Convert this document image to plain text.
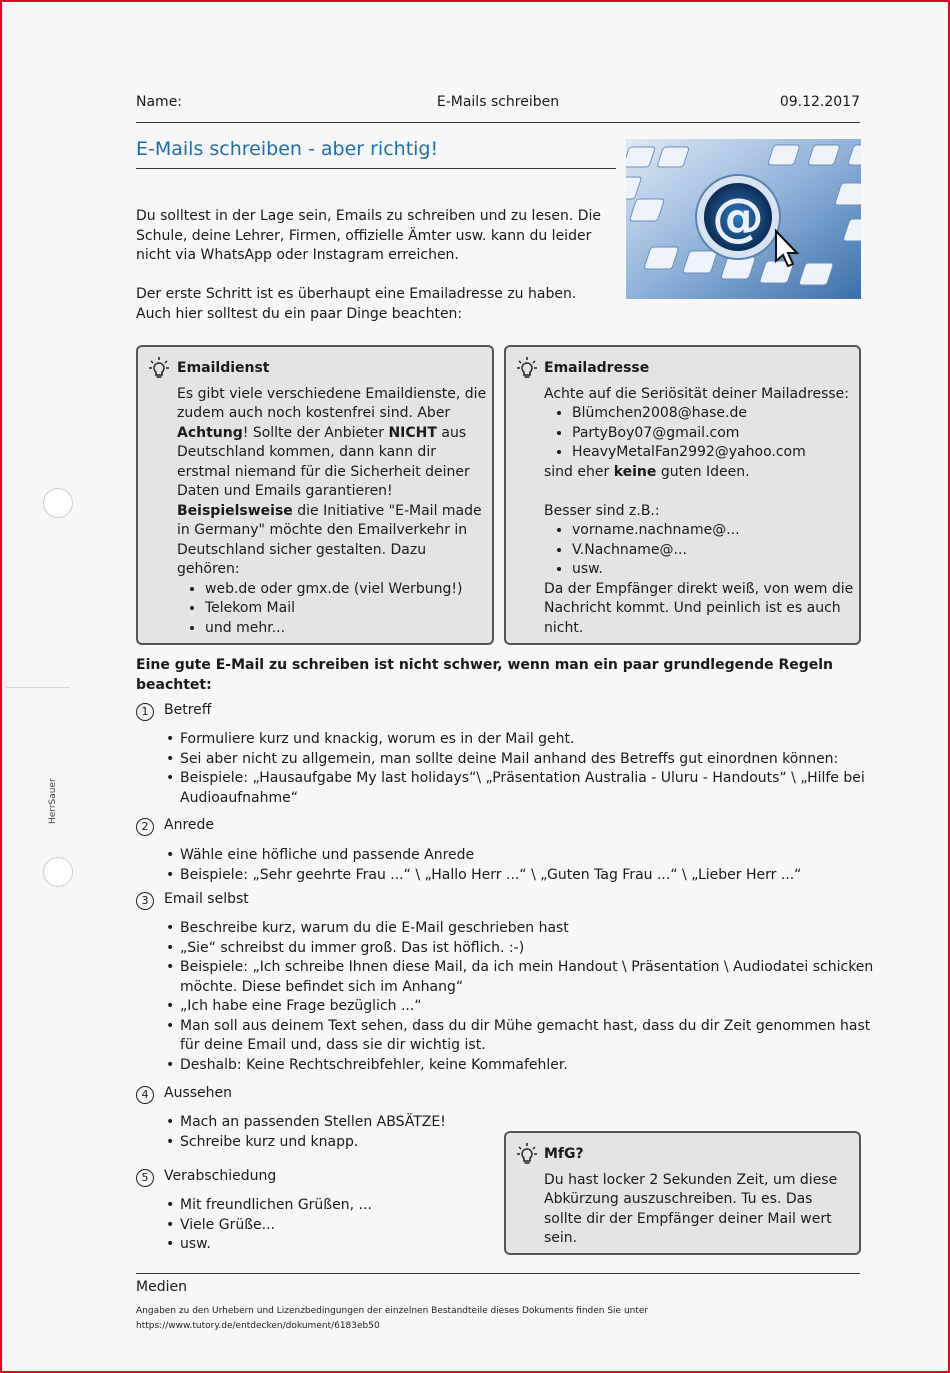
HerrSauer
Name:	E-Mails schreiben	09.12.2017
E-Mails schreiben - aber richtig!
@
Du solltest in der Lage sein, Emails zu schreiben und zu lesen. Die Schule, deine Lehrer, Firmen, offizielle Ämter usw. kann du leider nicht via WhatsApp oder Instagram erreichen.
Der erste Schritt ist es überhaupt eine Emailadresse zu haben. Auch hier solltest du ein paar Dinge beachten:
Emaildienst
Es gibt viele verschiedene Emaildienste, die zudem auch noch kostenfrei sind. Aber Achtung! Sollte der Anbieter NICHT aus Deutschland kommen, dann kann dir erstmal niemand für die Sicherheit deiner Daten und Emails garantieren! Beispielsweise die Initiative "E-Mail made in Germany" möchte den Emailverkehr in Deutschland sicher gestalten. Dazu gehören:
• web.de oder gmx.de (viel Werbung!)
• Telekom Mail
• und mehr...
Emailadresse
Achte auf die Seriösität deiner Mailadresse:
• Blümchen2008@hase.de
• PartyBoy07@gmail.com
• HeavyMetalFan2992@yahoo.com
sind eher keine guten Ideen.
Besser sind z.B.:
• vorname.nachname@...
• V.Nachname@...
• usw.
Da der Empfänger direkt weiß, von wem die Nachricht kommt. Und peinlich ist es auch nicht.
Eine gute E-Mail zu schreiben ist nicht schwer, wenn man ein paar grundlegende Regeln beachtet:
1 Betreff
• Formuliere kurz und knackig, worum es in der Mail geht.
• Sei aber nicht zu allgemein, man sollte deine Mail anhand des Betreffs gut einordnen können:
• Beispiele: „Hausaufgabe My last holidays“\ „Präsentation Australia - Uluru - Handouts“ \ „Hilfe bei Audioaufnahme“
2 Anrede
• Wähle eine höfliche und passende Anrede
• Beispiele: „Sehr geehrte Frau ...“ \ „Hallo Herr ...“ \ „Guten Tag Frau ...“ \ „Lieber Herr ...“
3 Email selbst
• Beschreibe kurz, warum du die E-Mail geschrieben hast
• „Sie“ schreibst du immer groß. Das ist höflich. :-)
• Beispiele: „Ich schreibe Ihnen diese Mail, da ich mein Handout \ Präsentation \ Audiodatei schicken möchte. Diese befindet sich im Anhang“
• „Ich habe eine Frage bezüglich ...“
• Man soll aus deinem Text sehen, dass du dir Mühe gemacht hast, dass du dir Zeit genommen hast für deine Email und, dass sie dir wichtig ist.
• Deshalb: Keine Rechtschreibfehler, keine Kommafehler.
4 Aussehen
• Mach an passenden Stellen ABSÄTZE!
• Schreibe kurz und knapp.
5 Verabschiedung
• Mit freundlichen Grüßen, ...
• Viele Grüße...
• usw.
MfG?
Du hast locker 2 Sekunden Zeit, um diese Abkürzung auszuschreiben. Tu es. Das sollte dir der Empfänger deiner Mail wert sein.
Medien
Angaben zu den Urhebern und Lizenzbedingungen der einzelnen Bestandteile dieses Dokuments finden Sie unter
https://www.tutory.de/entdecken/dokument/6183eb50
